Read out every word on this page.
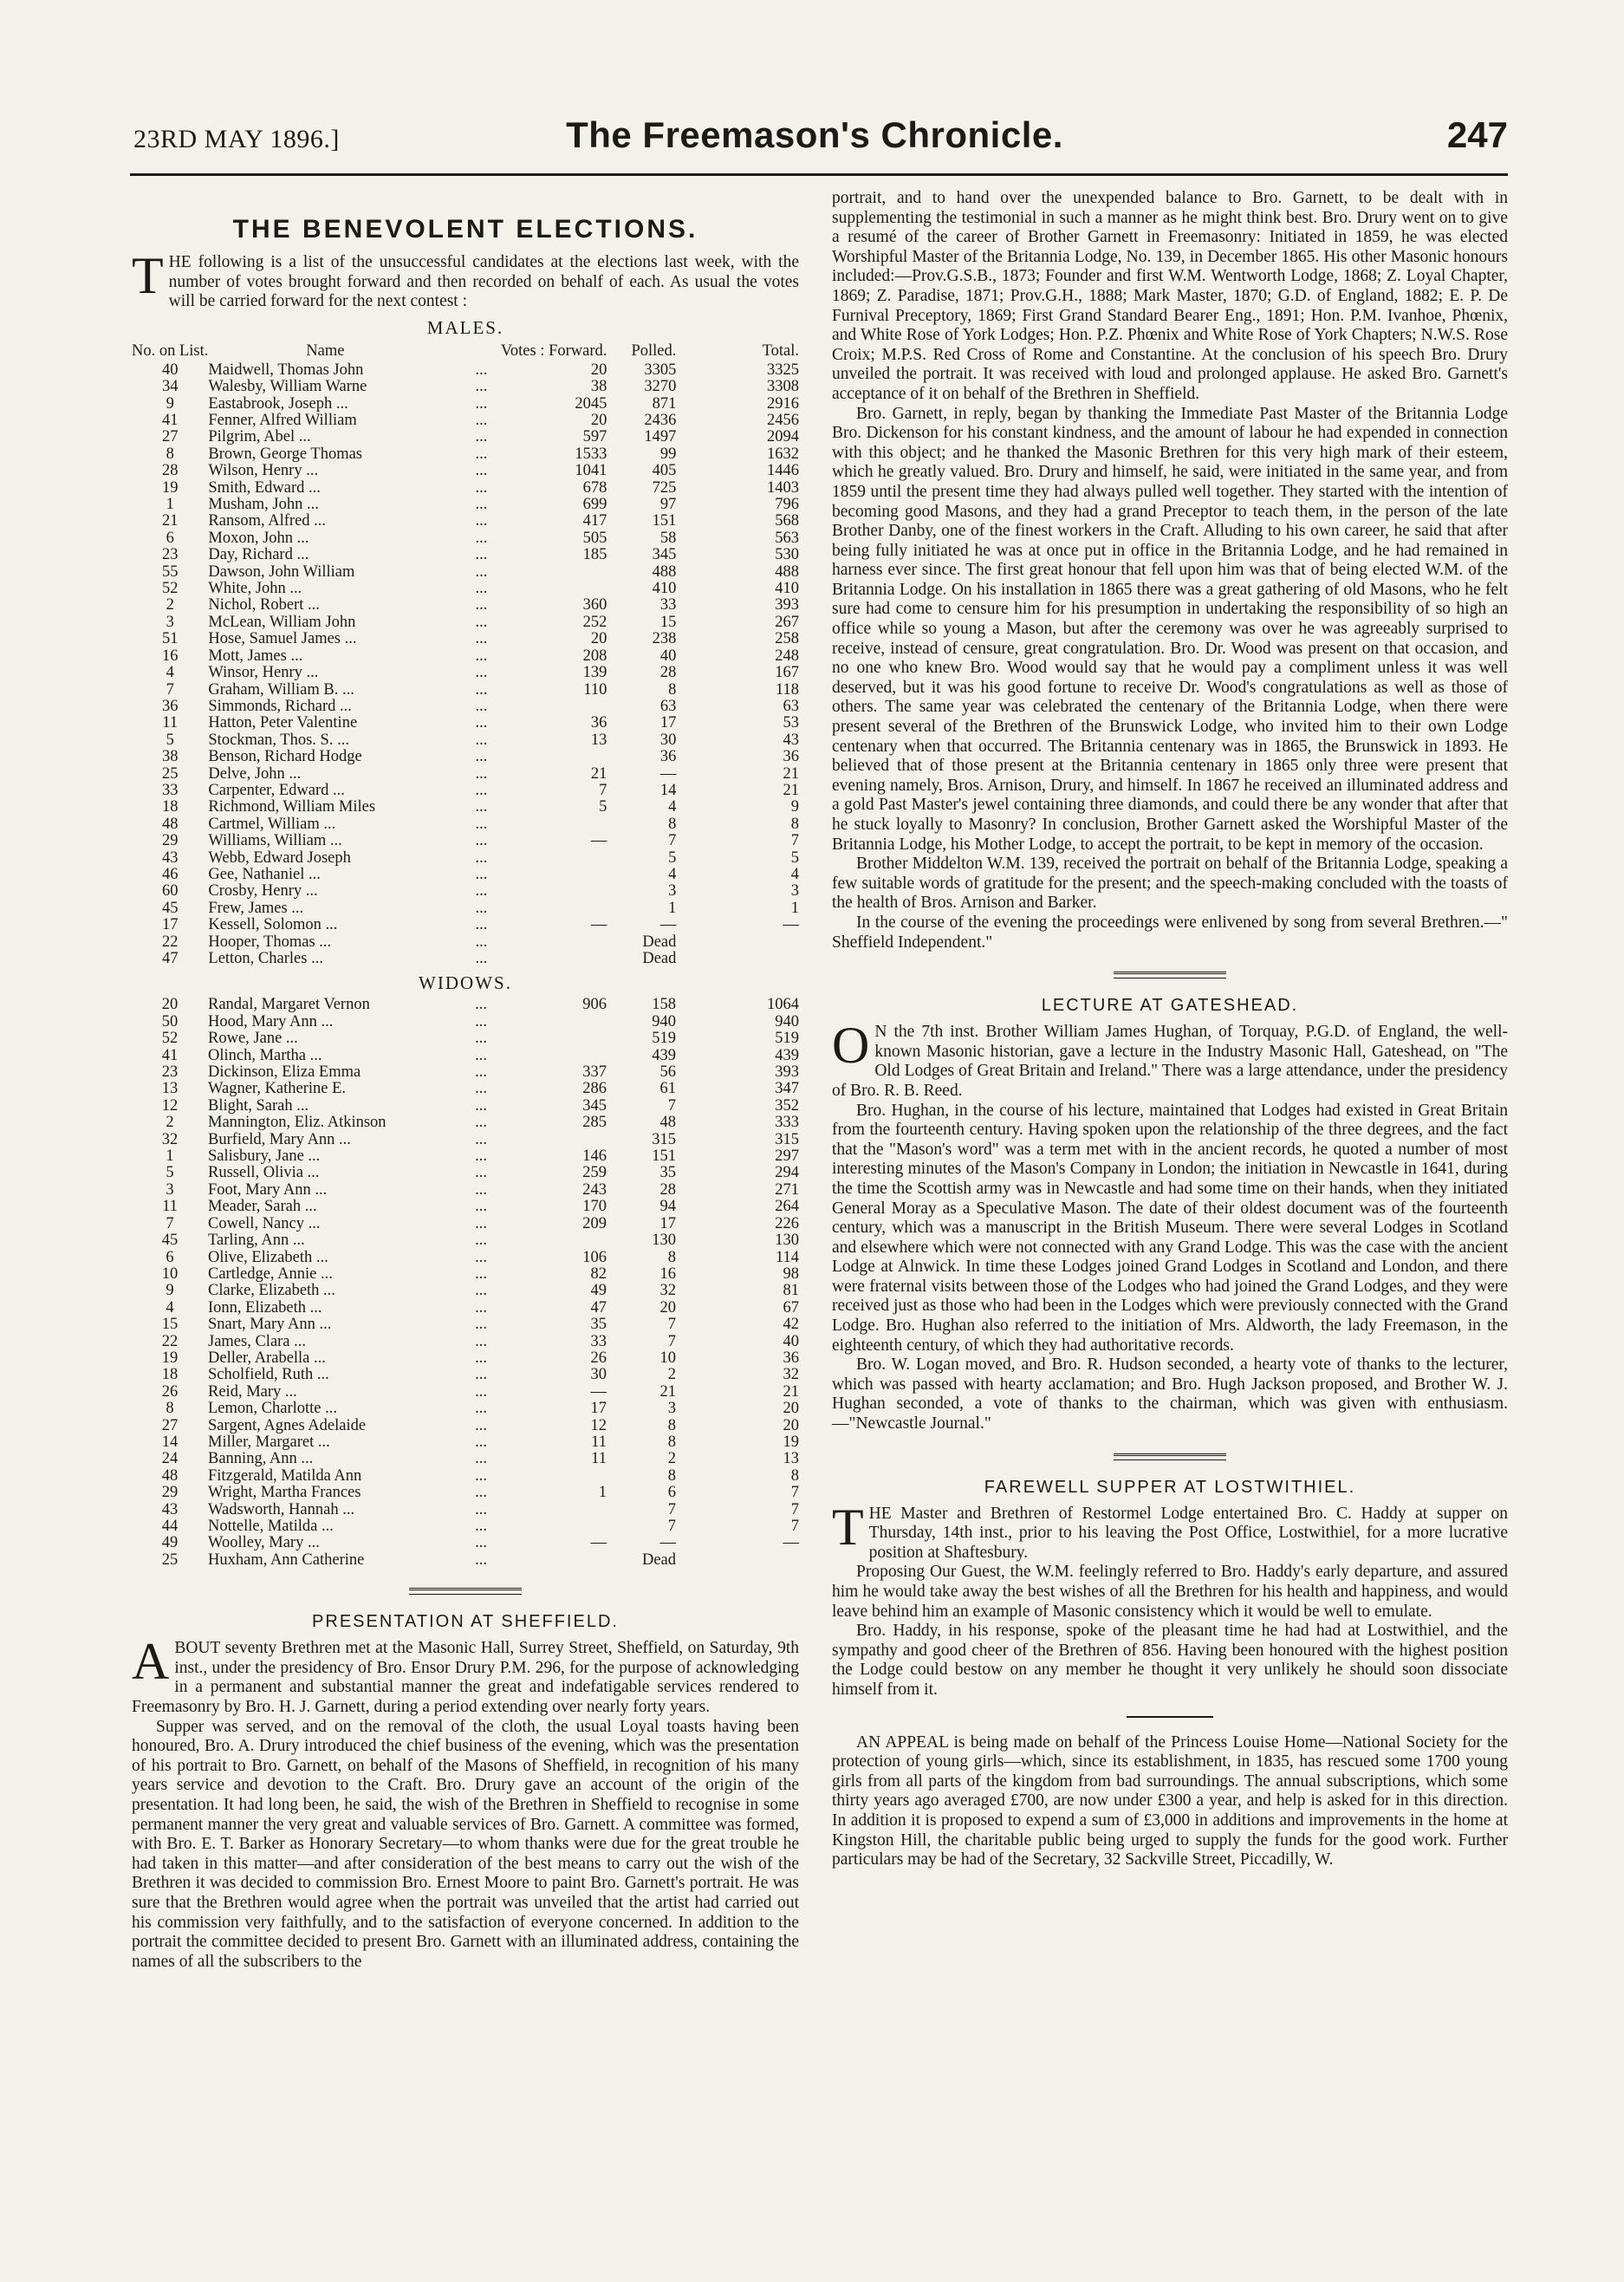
23RD MAY 1896.]	The Freemason's Chronicle.	247
THE BENEVOLENT ELECTIONS.

THE following is a list of the unsuccessful candidates at the elections last week, with the number of votes brought forward and then recorded on behalf of each. As usual the votes will be carried forward for the next contest :

MALES.
No. on List.	Name	Votes : Forward.		Polled.	Total.
40	Maidwell, Thomas John	...	20	3305	3325
34	Walesby, William Warne	...	38	3270	3308
9	Eastabrook, Joseph ...	...	2045	871	2916
41	Fenner, Alfred William	...	20	2436	2456
27	Pilgrim, Abel ...	...	597	1497	2094
8	Brown, George Thomas	...	1533	99	1632
28	Wilson, Henry ...	...	1041	405	1446
19	Smith, Edward ...	...	678	725	1403
1	Musham, John ...	...	699	97	796
21	Ransom, Alfred ...	...	417	151	568
6	Moxon, John ...	...	505	58	563
23	Day, Richard ...	...	185	345	530
55	Dawson, John William	...		488	488
52	White, John ...	...		410	410
2	Nichol, Robert ...	...	360	33	393
3	McLean, William John	...	252	15	267
51	Hose, Samuel James ...	...	20	238	258
16	Mott, James ...	...	208	40	248
4	Winsor, Henry ...	...	139	28	167
7	Graham, William B. ...	...	110	8	118
36	Simmonds, Richard ...	...		63	63
11	Hatton, Peter Valentine	...	36	17	53
5	Stockman, Thos. S. ...	...	13	30	43
38	Benson, Richard Hodge	...		36	36
25	Delve, John ...	...	21	—	21
33	Carpenter, Edward ...	...	7	14	21
18	Richmond, William Miles	...	5	4	9
48	Cartmel, William ...	...		8	8
29	Williams, William ...	...	—	7	7
43	Webb, Edward Joseph	...		5	5
46	Gee, Nathaniel ...	...		4	4
60	Crosby, Henry ...	...		3	3
45	Frew, James ...	...		1	1
17	Kessell, Solomon ...	...	—	—	—
22	Hooper, Thomas ...	...		Dead	
47	Letton, Charles ...	...		Dead	
WIDOWS.
20	Randal, Margaret Vernon	...	906	158	1064
50	Hood, Mary Ann ...	...		940	940
52	Rowe, Jane ...	...		519	519
41	Olinch, Martha ...	...		439	439
23	Dickinson, Eliza Emma	...	337	56	393
13	Wagner, Katherine E.	...	286	61	347
12	Blight, Sarah ...	...	345	7	352
2	Mannington, Eliz. Atkinson	...	285	48	333
32	Burfield, Mary Ann ...	...		315	315
1	Salisbury, Jane ...	...	146	151	297
5	Russell, Olivia ...	...	259	35	294
3	Foot, Mary Ann ...	...	243	28	271
11	Meader, Sarah ...	...	170	94	264
7	Cowell, Nancy ...	...	209	17	226
45	Tarling, Ann ...	...		130	130
6	Olive, Elizabeth ...	...	106	8	114
10	Cartledge, Annie ...	...	82	16	98
9	Clarke, Elizabeth ...	...	49	32	81
4	Ionn, Elizabeth ...	...	47	20	67
15	Snart, Mary Ann ...	...	35	7	42
22	James, Clara ...	...	33	7	40
19	Deller, Arabella ...	...	26	10	36
18	Scholfield, Ruth ...	...	30	2	32
26	Reid, Mary ...	...	—	21	21
8	Lemon, Charlotte ...	...	17	3	20
27	Sargent, Agnes Adelaide	...	12	8	20
14	Miller, Margaret ...	...	11	8	19
24	Banning, Ann ...	...	11	2	13
48	Fitzgerald, Matilda Ann	...		8	8
29	Wright, Martha Frances	...	1	6	7
43	Wadsworth, Hannah ...	...		7	7
44	Nottelle, Matilda ...	...		7	7
49	Woolley, Mary ...	...	—	—	—
25	Huxham, Ann Catherine	...		Dead	
PRESENTATION AT SHEFFIELD.

ABOUT seventy Brethren met at the Masonic Hall, Surrey Street, Sheffield, on Saturday, 9th inst., under the presidency of Bro. Ensor Drury P.M. 296, for the purpose of acknowledging in a permanent and substantial manner the great and indefatigable services rendered to Freemasonry by Bro. H. J. Garnett, during a period extending over nearly forty years.

Supper was served, and on the removal of the cloth, the usual Loyal toasts having been honoured, Bro. A. Drury introduced the chief business of the evening, which was the presentation of his portrait to Bro. Garnett, on behalf of the Masons of Sheffield, in recognition of his many years service and devotion to the Craft. Bro. Drury gave an account of the origin of the presentation. It had long been, he said, the wish of the Brethren in Sheffield to recognise in some permanent manner the very great and valuable services of Bro. Garnett. A committee was formed, with Bro. E. T. Barker as Honorary Secretary—to whom thanks were due for the great trouble he had taken in this matter—and after consideration of the best means to carry out the wish of the Brethren it was decided to commission Bro. Ernest Moore to paint Bro. Garnett's portrait. He was sure that the Brethren would agree when the portrait was unveiled that the artist had carried out his commission very faithfully, and to the satisfaction of everyone concerned. In addition to the portrait the committee decided to present Bro. Garnett with an illuminated address, containing the names of all the subscribers to the

portrait, and to hand over the unexpended balance to Bro. Garnett, to be dealt with in supplementing the testimonial in such a manner as he might think best. Bro. Drury went on to give a resumé of the career of Brother Garnett in Freemasonry: Initiated in 1859, he was elected Worshipful Master of the Britannia Lodge, No. 139, in December 1865. His other Masonic honours included:—Prov.G.S.B., 1873; Founder and first W.M. Wentworth Lodge, 1868; Z. Loyal Chapter, 1869; Z. Paradise, 1871; Prov.G.H., 1888; Mark Master, 1870; G.D. of England, 1882; E. P. De Furnival Preceptory, 1869; First Grand Standard Bearer Eng., 1891; Hon. P.M. Ivanhoe, Phœnix, and White Rose of York Lodges; Hon. P.Z. Phœnix and White Rose of York Chapters; N.W.S. Rose Croix; M.P.S. Red Cross of Rome and Constantine. At the conclusion of his speech Bro. Drury unveiled the portrait. It was received with loud and prolonged applause. He asked Bro. Garnett's acceptance of it on behalf of the Brethren in Sheffield.

Bro. Garnett, in reply, began by thanking the Immediate Past Master of the Britannia Lodge Bro. Dickenson for his constant kindness, and the amount of labour he had expended in connection with this object; and he thanked the Masonic Brethren for this very high mark of their esteem, which he greatly valued. Bro. Drury and himself, he said, were initiated in the same year, and from 1859 until the present time they had always pulled well together. They started with the intention of becoming good Masons, and they had a grand Preceptor to teach them, in the person of the late Brother Danby, one of the finest workers in the Craft. Alluding to his own career, he said that after being fully initiated he was at once put in office in the Britannia Lodge, and he had remained in harness ever since. The first great honour that fell upon him was that of being elected W.M. of the Britannia Lodge. On his installation in 1865 there was a great gathering of old Masons, who he felt sure had come to censure him for his presumption in undertaking the responsibility of so high an office while so young a Mason, but after the ceremony was over he was agreeably surprised to receive, instead of censure, great congratulation. Bro. Dr. Wood was present on that occasion, and no one who knew Bro. Wood would say that he would pay a compliment unless it was well deserved, but it was his good fortune to receive Dr. Wood's congratulations as well as those of others. The same year was celebrated the centenary of the Britannia Lodge, when there were present several of the Brethren of the Brunswick Lodge, who invited him to their own Lodge centenary when that occurred. The Britannia centenary was in 1865, the Brunswick in 1893. He believed that of those present at the Britannia centenary in 1865 only three were present that evening namely, Bros. Arnison, Drury, and himself. In 1867 he received an illuminated address and a gold Past Master's jewel containing three diamonds, and could there be any wonder that after that he stuck loyally to Masonry? In conclusion, Brother Garnett asked the Worshipful Master of the Britannia Lodge, his Mother Lodge, to accept the portrait, to be kept in memory of the occasion.

Brother Middelton W.M. 139, received the portrait on behalf of the Britannia Lodge, speaking a few suitable words of gratitude for the present; and the speech-making concluded with the toasts of the health of Bros. Arnison and Barker.

In the course of the evening the proceedings were enlivened by song from several Brethren.—" Sheffield Independent."

LECTURE AT GATESHEAD.

O N the 7th inst. Brother William James Hughan, of Torquay, P.G.D. of England, the well-known Masonic historian, gave a lecture in the Industry Masonic Hall, Gateshead, on "The Old Lodges of Great Britain and Ireland." There was a large attendance, under the presidency of Bro. R. B. Reed.

Bro. Hughan, in the course of his lecture, maintained that Lodges had existed in Great Britain from the fourteenth century. Having spoken upon the relationship of the three degrees, and the fact that the "Mason's word" was a term met with in the ancient records, he quoted a number of most interesting minutes of the Mason's Company in London; the initiation in Newcastle in 1641, during the time the Scottish army was in Newcastle and had some time on their hands, when they initiated General Moray as a Speculative Mason. The date of their oldest document was of the fourteenth century, which was a manuscript in the British Museum. There were several Lodges in Scotland and elsewhere which were not connected with any Grand Lodge. This was the case with the ancient Lodge at Alnwick. In time these Lodges joined Grand Lodges in Scotland and London, and there were fraternal visits between those of the Lodges who had joined the Grand Lodges, and they were received just as those who had been in the Lodges which were previously connected with the Grand Lodge. Bro. Hughan also referred to the initiation of Mrs. Aldworth, the lady Freemason, in the eighteenth century, of which they had authoritative records.

Bro. W. Logan moved, and Bro. R. Hudson seconded, a hearty vote of thanks to the lecturer, which was passed with hearty acclamation; and Bro. Hugh Jackson proposed, and Brother W. J. Hughan seconded, a vote of thanks to the chairman, which was given with enthusiasm.—"Newcastle Journal."

FAREWELL SUPPER AT LOSTWITHIEL.

THE Master and Brethren of Restormel Lodge entertained Bro. C. Haddy at supper on Thursday, 14th inst., prior to his leaving the Post Office, Lostwithiel, for a more lucrative position at Shaftesbury.

Proposing Our Guest, the W.M. feelingly referred to Bro. Haddy's early departure, and assured him he would take away the best wishes of all the Brethren for his health and happiness, and would leave behind him an example of Masonic consistency which it would be well to emulate.

Bro. Haddy, in his response, spoke of the pleasant time he had had at Lostwithiel, and the sympathy and good cheer of the Brethren of 856. Having been honoured with the highest position the Lodge could bestow on any member he thought it very unlikely he should soon dissociate himself from it.

AN APPEAL is being made on behalf of the Princess Louise Home—National Society for the protection of young girls—which, since its establishment, in 1835, has rescued some 1700 young girls from all parts of the kingdom from bad surroundings. The annual subscriptions, which some thirty years ago averaged £700, are now under £300 a year, and help is asked for in this direction. In addition it is proposed to expend a sum of £3,000 in additions and improvements in the home at Kingston Hill, the charitable public being urged to supply the funds for the good work. Further particulars may be had of the Secretary, 32 Sackville Street, Piccadilly, W.
